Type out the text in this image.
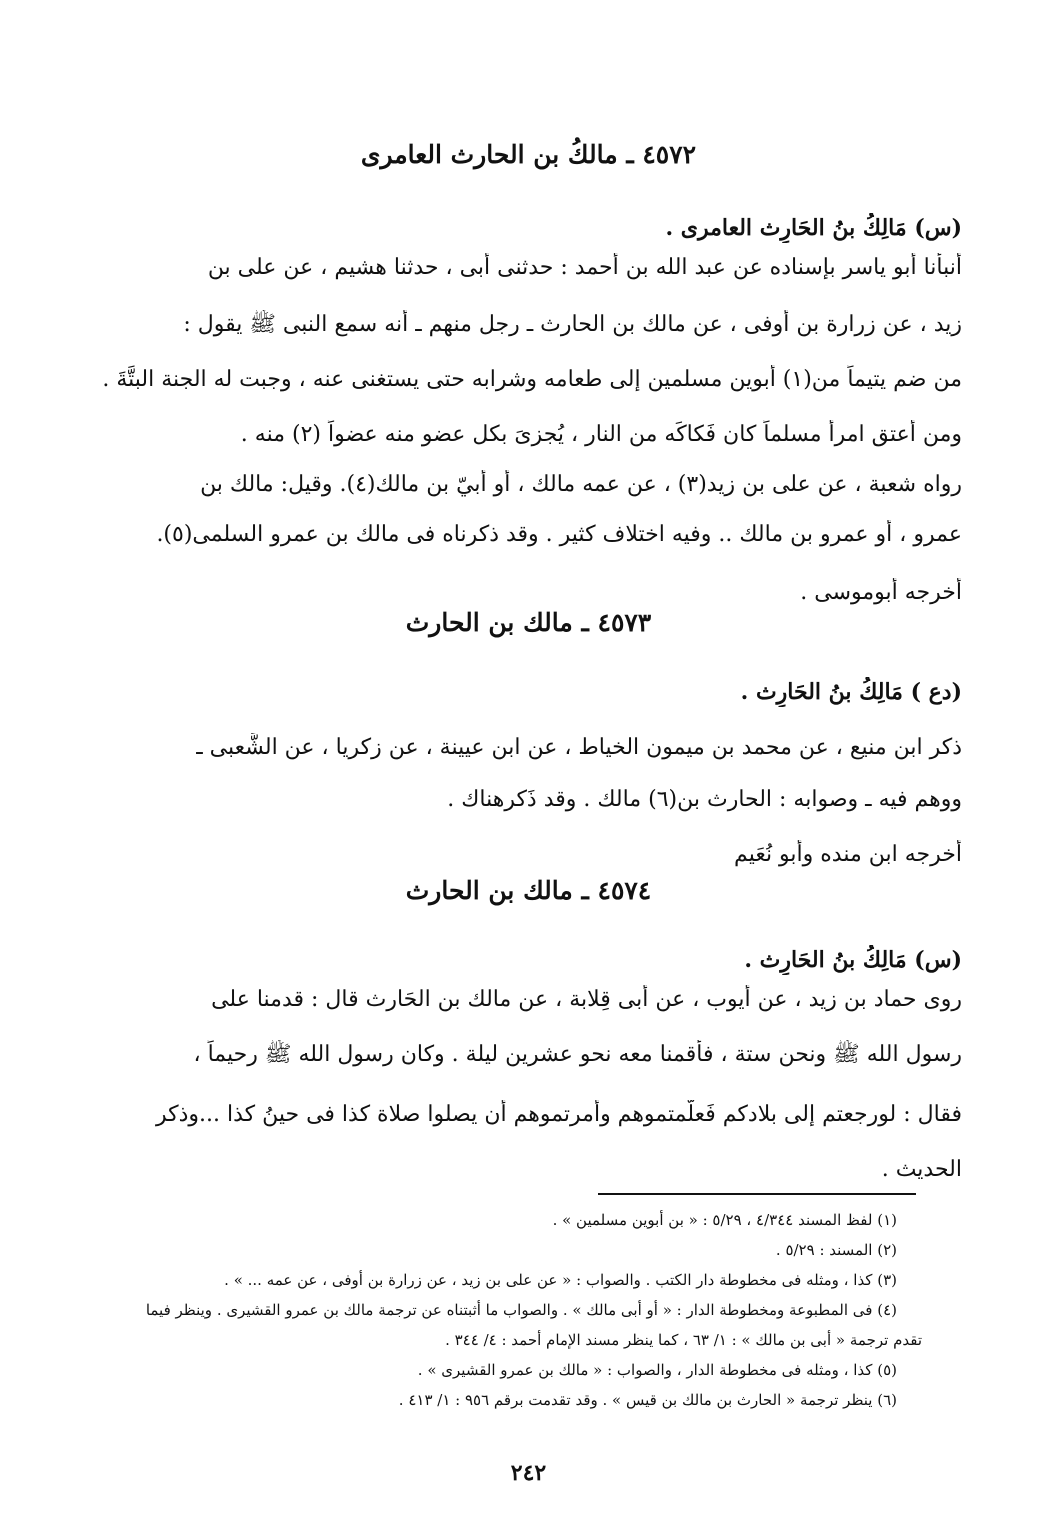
٤٥٧٢ ـ مالكُ بن الحارث العامرى
(س) مَالِكُ بنُ الحَارِث العامرى .
أنبأنا أبو ياسر بإسناده عن عبد الله بن أحمد : حدثنى أبى ، حدثنا هشيم ، عن على بن
زيد ، عن زرارة بن أوفى ، عن مالك بن الحارث ـ رجل منهم ـ أنه سمع النبى ﷺ يقول :
من ضم يتيماً من(١) أبوين مسلمين إلى طعامه وشرابه حتى يستغنى عنه ، وجبت له الجنة البتَّةَ .
ومن أعتق امرأ مسلماً كان فَكاكَه من النار ، يُجزىَ بكل عضو منه عضواً (٢) منه .
رواه شعبة ، عن على بن زيد(٣) ، عن عمه مالك ، أو أُبيّ بن مالك(٤). وقيل: مالك بن
عمرو ، أو عمرو بن مالك .. وفيه اختلاف كثير . وقد ذكرناه فى مالك بن عمرو السلمى(٥).
أخرجه أبوموسى .
٤٥٧٣ ـ مالك بن الحارث
(دع ) مَالِكُ بنُ الحَارِث .
ذكر ابن منيع ، عن محمد بن ميمون الخياط ، عن ابن عيينة ، عن زكريا ، عن الشَّعبى ـ
ووهم فيه ـ وصوابه : الحارث بن(٦) مالك . وقد ذَكرهناك .
أخرجه ابن منده وأبو نُعَيم
٤٥٧٤ ـ مالك بن الحارث
(س) مَالِكُ بنُ الحَارِث .
روى حماد بن زيد ، عن أيوب ، عن أبى قِلابة ، عن مالك بن الحَارث قال : قدمنا على
رسول الله ﷺ ونحن ستة ، فأقمنا معه نحو عشرين ليلة . وكان رسول الله ﷺ رحيماً ،
فقال : لورجعتم إلى بلادكم فَعلَّمتموهم وأمرتموهم أن يصلوا صلاة كذا فى حينُ كذا ...وذكر
الحديث .
(١) لفظ المسند ٤/٣٤٤ ، ٥/٢٩ : « بن أبوين مسلمين » .
(٢) المسند : ٥/٢٩ .
(٣) كذا ، ومثله فى مخطوطة دار الكتب . والصواب : « عن على بن زيد ، عن زرارة بن أوفى ، عن عمه ... » .
(٤) فى المطبوعة ومخطوطة الدار : « أو أبى مالك » . والصواب ما أثبتناه عن ترجمة مالك بن عمرو القشيرى . وينظر فيما
تقدم ترجمة « أبى بن مالك » : ١/ ٦٣ ، كما ينظر مسند الإمام أحمد : ٤/ ٣٤٤ .
(٥) كذا ، ومثله فى مخطوطة الدار ، والصواب : « مالك بن عمرو القشيرى » .
(٦) ينظر ترجمة « الحارث بن مالك بن قيس » . وقد تقدمت برقم ٩٥٦ : ١/ ٤١٣ .
٢٤٢
